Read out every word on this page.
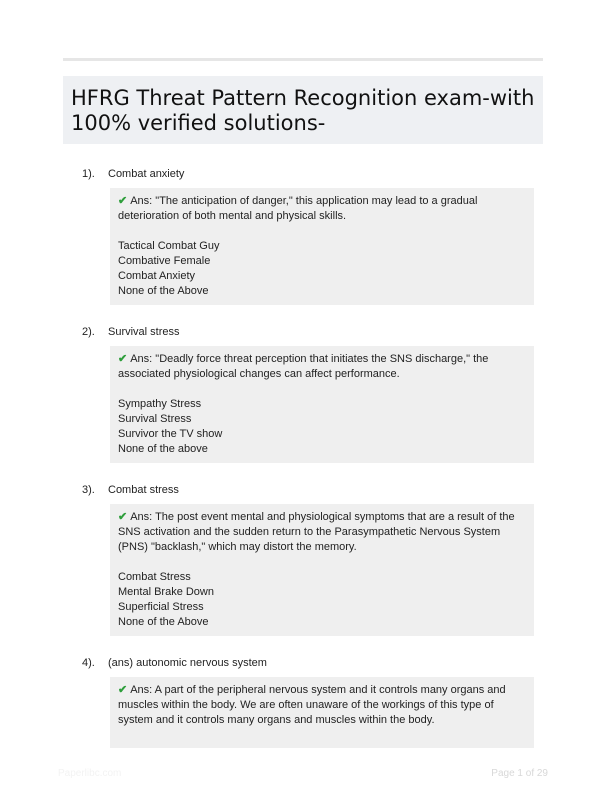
HFRG Threat Pattern Recognition exam-with 100% verified solutions-
1). Combat anxiety
✔ Ans: "The anticipation of danger," this application may lead to a gradual deterioration of both mental and physical skills.
Tactical Combat Guy
Combative Female
Combat Anxiety
None of the Above
2). Survival stress
✔ Ans: "Deadly force threat perception that initiates the SNS discharge," the associated physiological changes can affect performance.
Sympathy Stress
Survival Stress
Survivor the TV show
None of the above
3). Combat stress
✔ Ans: The post event mental and physiological symptoms that are a result of the SNS activation and the sudden return to the Parasympathetic Nervous System (PNS) "backlash," which may distort the memory.
Combat Stress
Mental Brake Down
Superficial Stress
None of the Above
4). (ans) autonomic nervous system
✔ Ans: A part of the peripheral nervous system and it controls many organs and muscles within the body. We are often unaware of the workings of this type of system and it controls many organs and muscles within the body.
Paperlibc.com	Page 1 of 29
